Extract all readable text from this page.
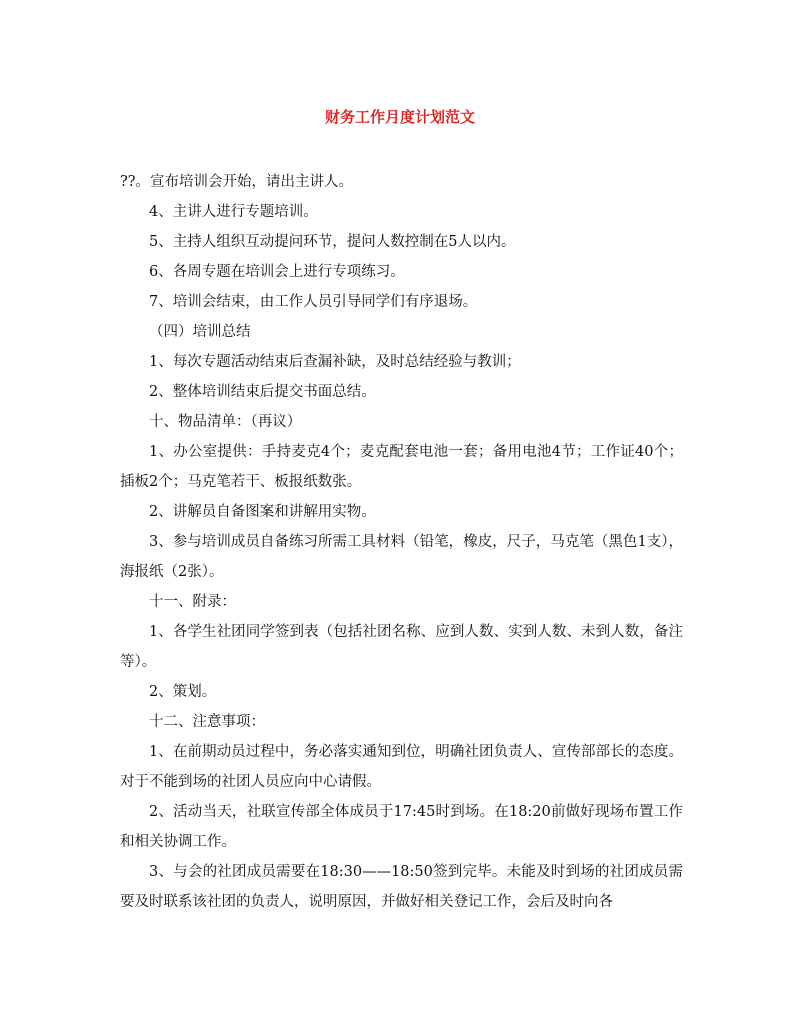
财务工作月度计划范文

??。宣布培训会开始，请出主讲人。

4、主讲人进行专题培训。

5、主持人组织互动提问环节，提问人数控制在5人以内。

6、各周专题在培训会上进行专项练习。

7、培训会结束，由工作人员引导同学们有序退场。

（四）培训总结

1、每次专题活动结束后查漏补缺，及时总结经验与教训；

2、整体培训结束后提交书面总结。

十、物品清单：（再议）

1、办公室提供：手持麦克4个；麦克配套电池一套；备用电池4节；工作证40个；插板2个；马克笔若干、板报纸数张。

2、讲解员自备图案和讲解用实物。

3、参与培训成员自备练习所需工具材料（铅笔，橡皮，尺子，马克笔（黑色1支），海报纸（2张）。

十一、附录：

1、各学生社团同学签到表（包括社团名称、应到人数、实到人数、未到人数，备注等）。

2、策划。

十二、注意事项：

1、在前期动员过程中，务必落实通知到位，明确社团负责人、宣传部部长的态度。对于不能到场的社团人员应向中心请假。

2、活动当天，社联宣传部全体成员于17:45时到场。在18:20前做好现场布置工作和相关协调工作。

3、与会的社团成员需要在18:30——18:50签到完毕。未能及时到场的社团成员需要及时联系该社团的负责人，说明原因，并做好相关登记工作，会后及时向各
